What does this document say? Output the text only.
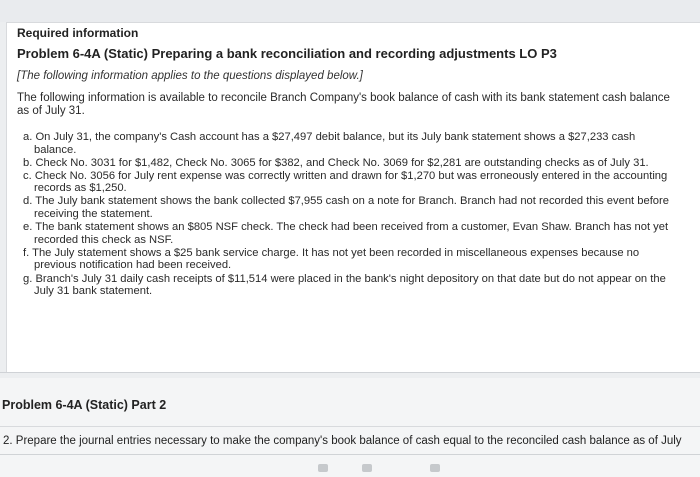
Required information
Problem 6-4A (Static) Preparing a bank reconciliation and recording adjustments LO P3
[The following information applies to the questions displayed below.]
The following information is available to reconcile Branch Company's book balance of cash with its bank statement cash balance as of July 31.
a. On July 31, the company's Cash account has a $27,497 debit balance, but its July bank statement shows a $27,233 cash balance.
b. Check No. 3031 for $1,482, Check No. 3065 for $382, and Check No. 3069 for $2,281 are outstanding checks as of July 31.
c. Check No. 3056 for July rent expense was correctly written and drawn for $1,270 but was erroneously entered in the accounting records as $1,250.
d. The July bank statement shows the bank collected $7,955 cash on a note for Branch. Branch had not recorded this event before receiving the statement.
e. The bank statement shows an $805 NSF check. The check had been received from a customer, Evan Shaw. Branch has not yet recorded this check as NSF.
f. The July statement shows a $25 bank service charge. It has not yet been recorded in miscellaneous expenses because no previous notification had been received.
g. Branch's July 31 daily cash receipts of $11,514 were placed in the bank's night depository on that date but do not appear on the July 31 bank statement.
Problem 6-4A (Static) Part 2
2. Prepare the journal entries necessary to make the company's book balance of cash equal to the reconciled cash balance as of July
